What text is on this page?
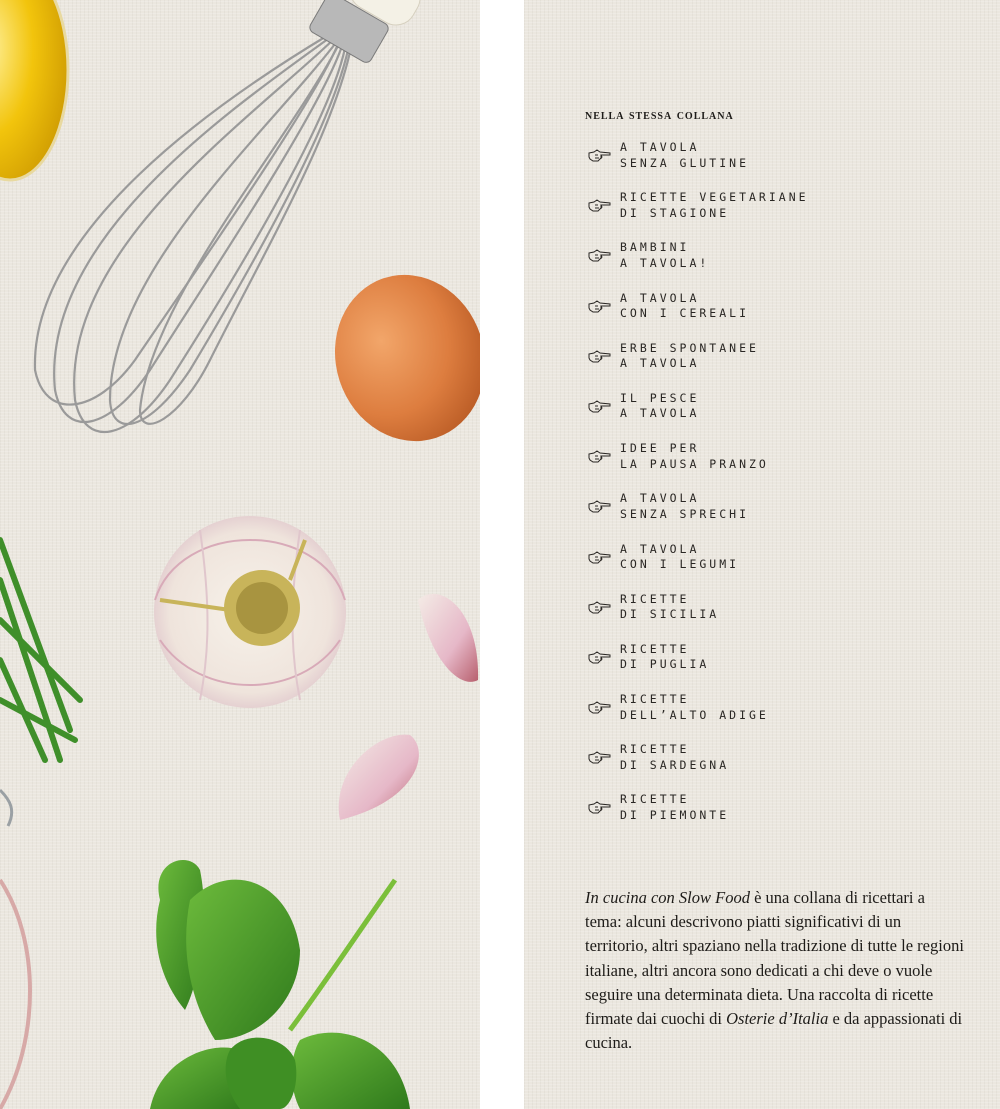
nella stessa collana
A TAVOLA
SENZA GLUTINE
RICETTE VEGETARIANE
DI STAGIONE
BAMBINI
A TAVOLA!
A TAVOLA
CON I CEREALI
ERBE SPONTANEE
A TAVOLA
IL PESCE
A TAVOLA
IDEE PER
LA PAUSA PRANZO
A TAVOLA
SENZA SPRECHI
A TAVOLA
CON I LEGUMI
RICETTE
DI SICILIA
RICETTE
DI PUGLIA
RICETTE
DELL’ALTO ADIGE
RICETTE
DI SARDEGNA
RICETTE
DI PIEMONTE

In cucina con Slow Food è una collana di ricettari a tema: alcuni descrivono piatti significativi di un territorio, altri spaziano nella tradizione di tutte le regioni italiane, altri ancora sono dedicati a chi deve o vuole seguire una determinata dieta. Una raccolta di ricette firmate dai cuochi di Osterie d’Italia e da appassionati di cucina.
